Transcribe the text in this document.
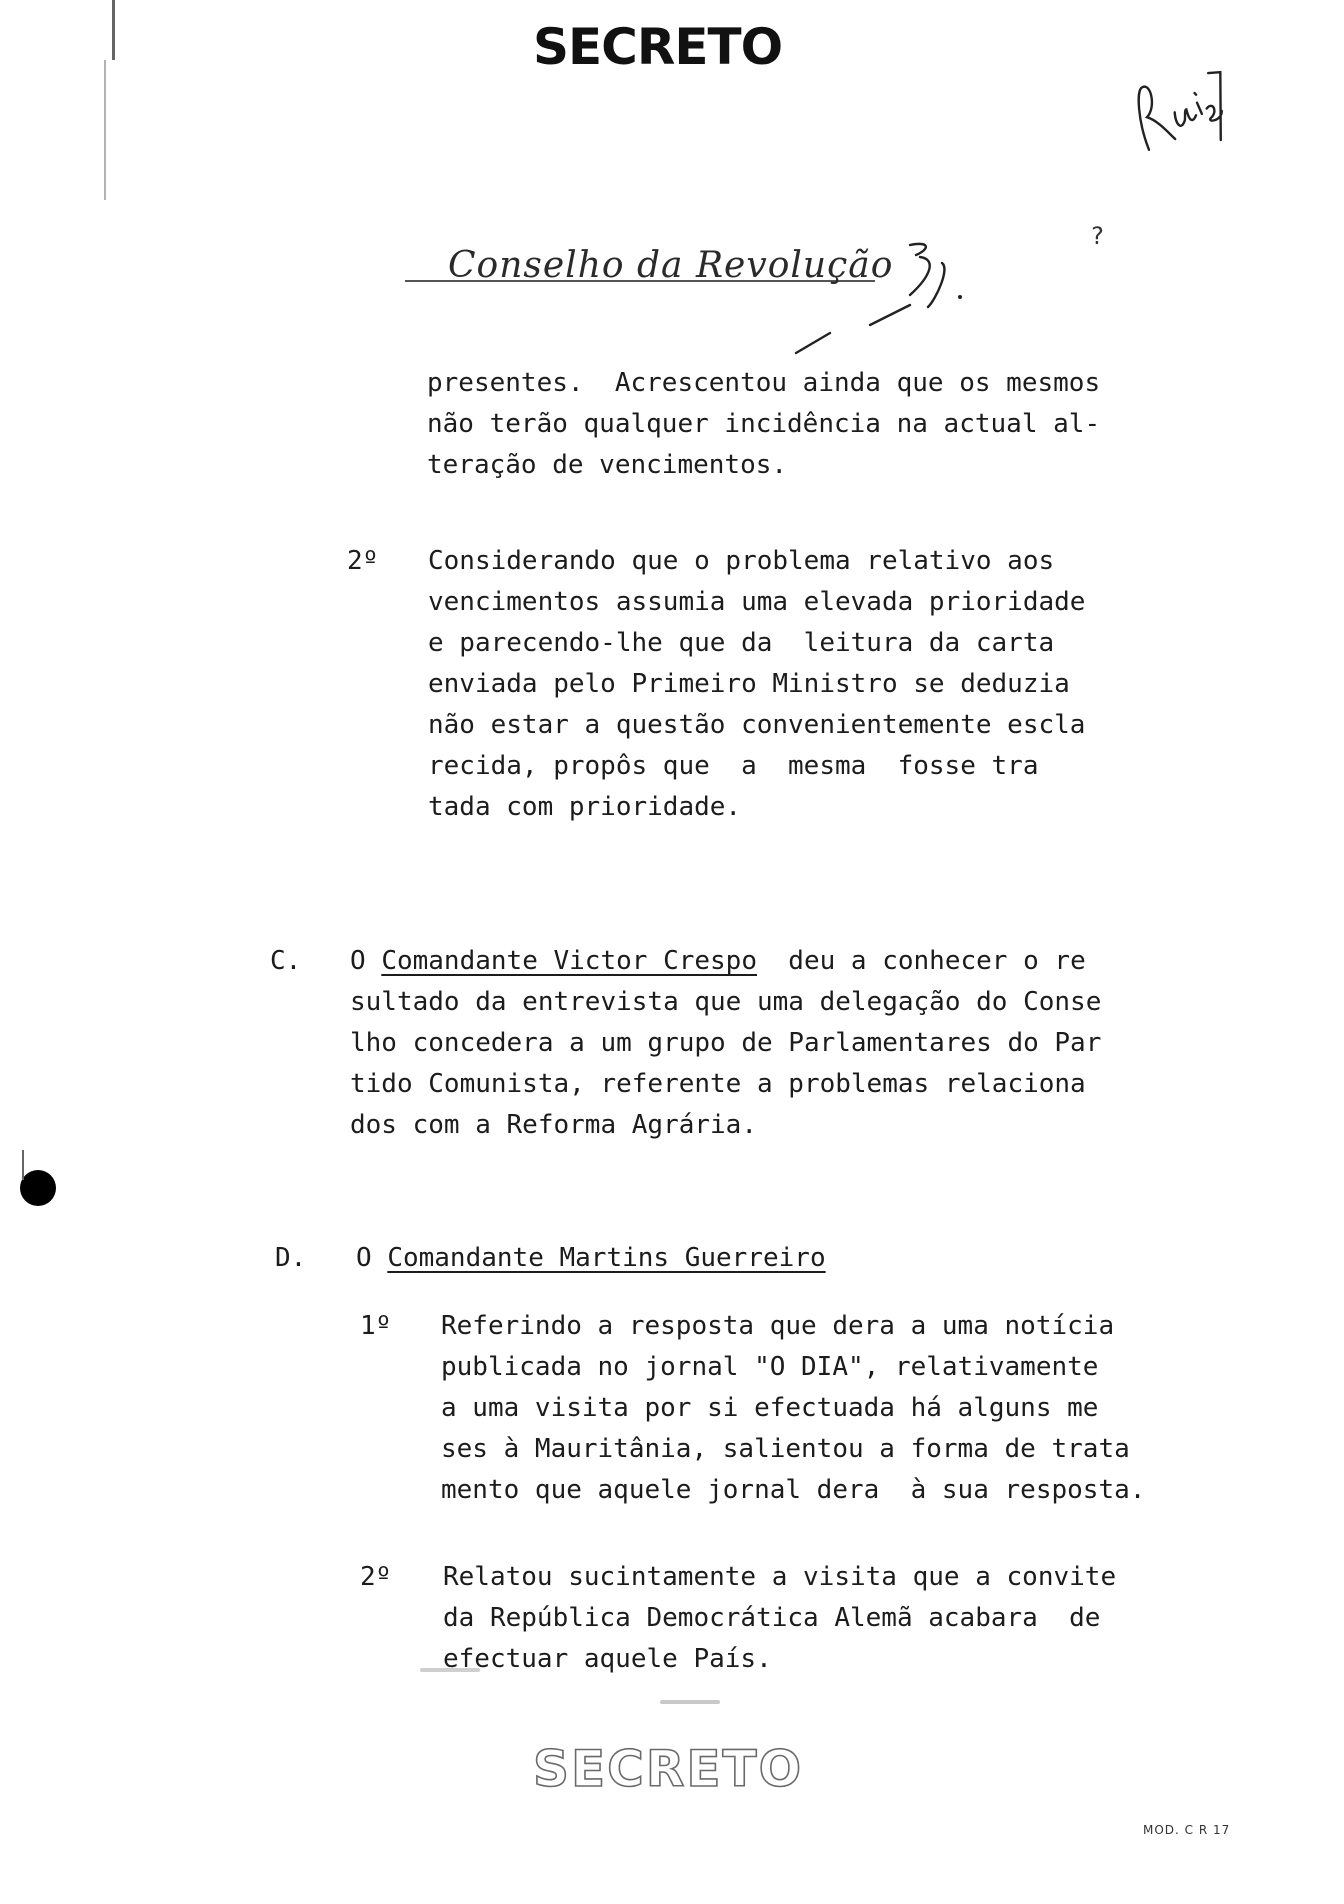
SECRETO
?
Conselho da Revolução
presentes.  Acrescentou ainda que os mesmos
não terão qualquer incidência na actual al-
teração de vencimentos.
2º Considerando que o problema relativo aos
vencimentos assumia uma elevada prioridade
e parecendo-lhe que da  leitura da carta
enviada pelo Primeiro Ministro se deduzia
não estar a questão convenientemente escla
recida, propôs que  a  mesma  fosse tra
tada com prioridade.
C. O Comandante Victor Crespo  deu a conhecer o re
sultado da entrevista que uma delegação do Conse
lho concedera a um grupo de Parlamentares do Par
tido Comunista, referente a problemas relaciona
dos com a Reforma Agrária.
D. O Comandante Martins Guerreiro
1º Referindo a resposta que dera a uma notícia
publicada no jornal "O DIA", relativamente
a uma visita por si efectuada há alguns me
ses à Mauritânia, salientou a forma de trata
mento que aquele jornal dera  à sua resposta.
2º Relatou sucintamente a visita que a convite
da República Democrática Alemã acabara  de
efectuar aquele País.
SECRETO
MOD. C R 17
